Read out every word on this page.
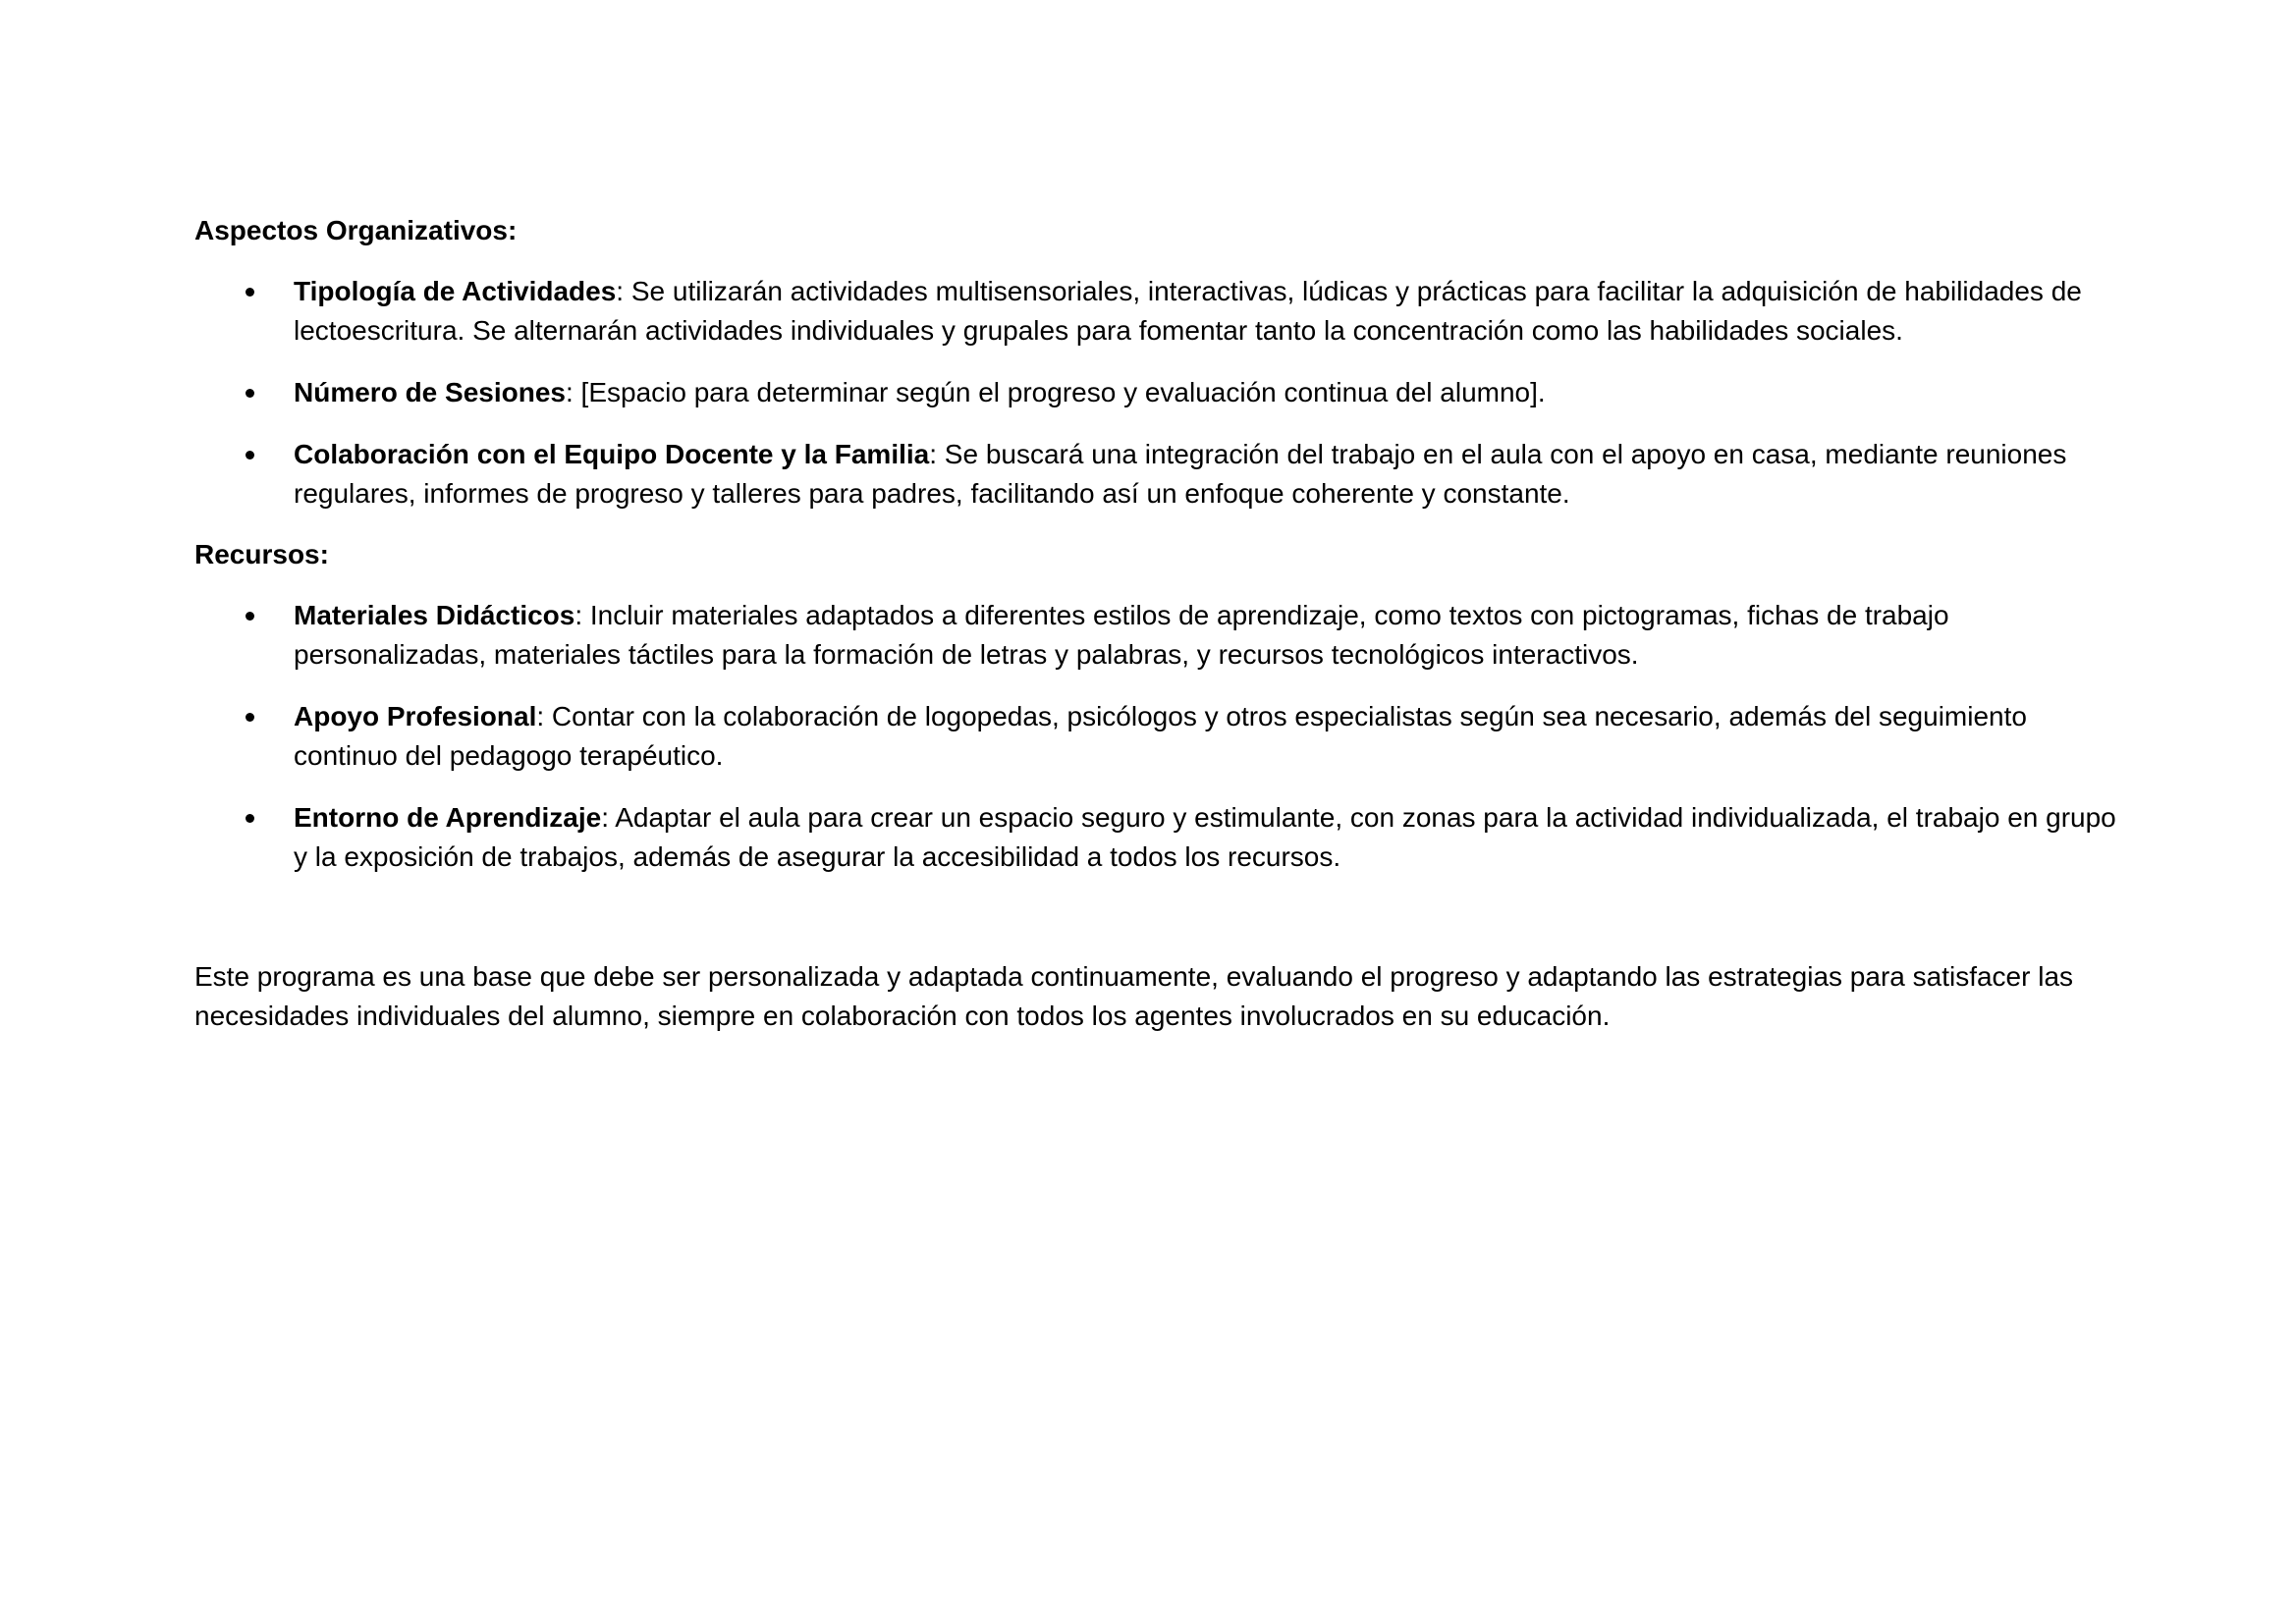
Aspectos Organizativos:

Tipología de Actividades: Se utilizarán actividades multisensoriales, interactivas, lúdicas y prácticas para facilitar la adquisición de habilidades de lectoescritura. Se alternarán actividades individuales y grupales para fomentar tanto la concentración como las habilidades sociales.
Número de Sesiones: [Espacio para determinar según el progreso y evaluación continua del alumno].
Colaboración con el Equipo Docente y la Familia: Se buscará una integración del trabajo en el aula con el apoyo en casa, mediante reuniones regulares, informes de progreso y talleres para padres, facilitando así un enfoque coherente y constante.

Recursos:

Materiales Didácticos: Incluir materiales adaptados a diferentes estilos de aprendizaje, como textos con pictogramas, fichas de trabajo personalizadas, materiales táctiles para la formación de letras y palabras, y recursos tecnológicos interactivos.
Apoyo Profesional: Contar con la colaboración de logopedas, psicólogos y otros especialistas según sea necesario, además del seguimiento continuo del pedagogo terapéutico.
Entorno de Aprendizaje: Adaptar el aula para crear un espacio seguro y estimulante, con zonas para la actividad individualizada, el trabajo en grupo y la exposición de trabajos, además de asegurar la accesibilidad a todos los recursos.

Este programa es una base que debe ser personalizada y adaptada continuamente, evaluando el progreso y adaptando las estrategias para satisfacer las necesidades individuales del alumno, siempre en colaboración con todos los agentes involucrados en su educación.
